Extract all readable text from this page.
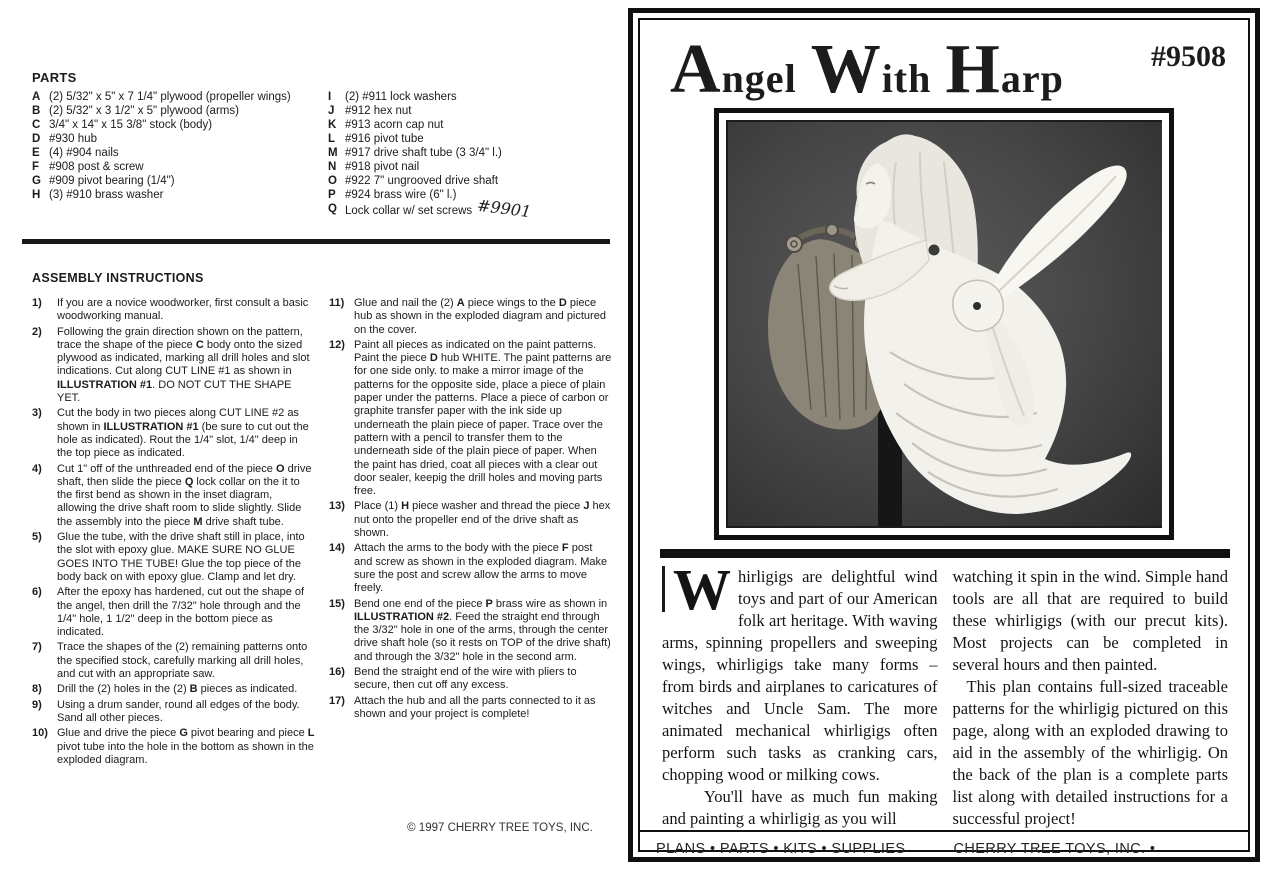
PARTS
A (2) 5/32" x 5" x 7 1/4" plywood (propeller wings)
B (2) 5/32" x 3 1/2" x 5" plywood (arms)
C 3/4" x 14" x 15 3/8" stock (body)
D #930 hub
E (4) #904 nails
F #908 post & screw
G #909 pivot bearing (1/4")
H (3) #910 brass washer
I	(2) #911 lock washers
J #912 hex nut
K #913 acorn cap nut
L #916 pivot tube
M #917 drive shaft tube (3 3/4" l.)
N #918 pivot nail
O #922 7" ungrooved drive shaft
P #924 brass wire (6" l.)
Q Lock collar w/ set screws #9901
ASSEMBLY INSTRUCTIONS
1)	If you are a novice woodworker, first consult a basic woodworking manual.
2)	Following the grain direction shown on the pattern, trace the shape of the piece C body onto the sized plywood as indicated, marking all drill holes and slot indications. Cut along CUT LINE #1 as shown in ILLUSTRATION #1. DO NOT CUT THE SHAPE YET.
3)	Cut the body in two pieces along CUT LINE #2 as shown in ILLUSTRATION #1 (be sure to cut out the hole as indicated). Rout the 1/4" slot, 1/4" deep in the top piece as indicated.
4)	Cut 1" off of the unthreaded end of the piece O drive shaft, then slide the piece Q lock collar on the it to the first bend as shown in the inset diagram, allowing the drive shaft room to slide slightly. Slide the assembly into the piece M drive shaft tube.
5)	Glue the tube, with the drive shaft still in place, into the slot with epoxy glue. MAKE SURE NO GLUE GOES INTO THE TUBE! Glue the top piece of the body back on with epoxy glue. Clamp and let dry.
6)	After the epoxy has hardened, cut out the shape of the angel, then drill the 7/32" hole through and the 1/4" hole, 1 1/2" deep in the bottom piece as indicated.
7)	Trace the shapes of the (2) remaining patterns onto the specified stock, carefully marking all drill holes, and cut with an appropriate saw.
8)	Drill the (2) holes in the (2) B pieces as indicated.
9)	Using a drum sander, round all edges of the body. Sand all other pieces.
10) Glue and drive the piece G pivot bearing and piece L pivot tube into the hole in the bottom as shown in the exploded diagram.
11) Glue and nail the (2) A piece wings to the D piece hub as shown in the exploded diagram and pictured on the cover.
12) Paint all pieces as indicated on the paint patterns. Paint the piece D hub WHITE. The paint patterns are for one side only. to make a mirror image of the patterns for the opposite side, place a piece of plain paper under the patterns. Place a piece of carbon or graphite transfer paper with the ink side up underneath the plain piece of paper. Trace over the pattern with a pencil to transfer them to the underneath side of the plain piece of paper. When the paint has dried, coat all pieces with a clear out door sealer, keepig the drill holes and moving parts free.
13) Place (1) H piece washer and thread the piece J hex nut onto the propeller end of the drive shaft as shown.
14) Attach the arms to the body with the piece F post and screw as shown in the exploded diagram. Make sure the post and screw allow the arms to move freely.
15) Bend one end of the piece P brass wire as shown in ILLUSTRATION #2. Feed the straight end through the 3/32" hole in one of the arms, through the center drive shaft hole (so it rests on TOP of the drive shaft) and through the 3/32" hole in the second arm.
16) Bend the straight end of the wire with pliers to secure, then cut off any excess.
17) Attach the hub and all the parts connected to it as shown and your project is complete!
© 1997 CHERRY TREE TOYS, INC.
Angel With Harp	#9508

W hirligigs are delightful wind toys and part of our American folk art heritage. With waving arms, spinning propellers and sweeping wings, whirligigs take many forms – from birds and airplanes to caricatures of witches and Uncle Sam. The more animated mechanical whirligigs often perform such tasks as cranking cars, chopping wood or milking cows.

You'll have as much fun making and painting a whirligig as you will

watching it spin in the wind. Simple hand tools are all that are required to build these whirligigs (with our precut kits). Most projects can be completed in several hours and then painted.

This plan contains full-sized traceable patterns for the whirligig pictured on this page, along with an exploded drawing to aid in the assembly of the whirligig. On the back of the plan is a complete parts list along with detailed instructions for a successful project!

PLANS • PARTS • KITS • SUPPLIES	CHERRY TREE TOYS, INC. •
